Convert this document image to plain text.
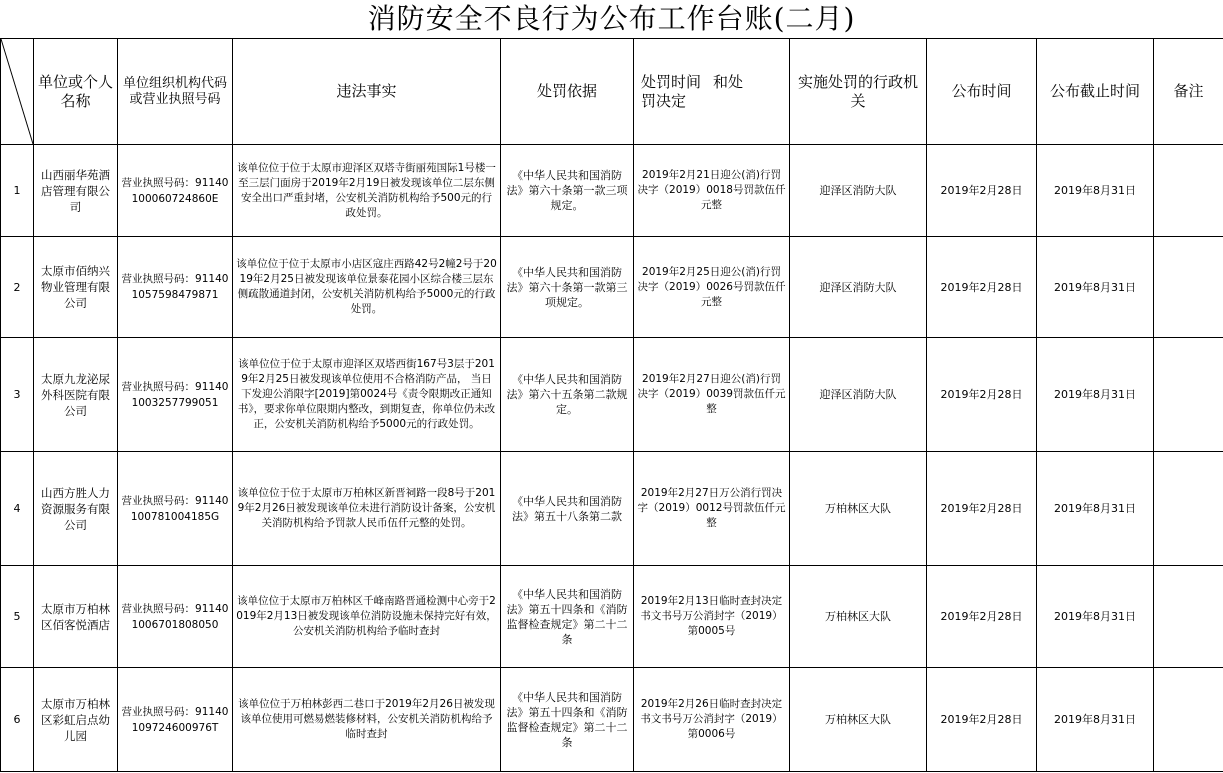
消防安全不良行为公布工作台账(二月)
	单位或个人名称	单位组织机构代码或营业执照号码	违法事实	处罚依据	处罚时间 和处
罚决定	实施处罚的行政机关	公布时间	公布截止时间	备注
1	山西丽华苑酒店管理有限公司	营业执照号码：91140100060724860E	该单位位于位于太原市迎泽区双塔寺街丽苑国际1号楼一至三层门面房于2019年2月19日被发现该单位二层东侧安全出口严重封堵，公安机关消防机构给予500元的行政处罚。	《中华人民共和国消防法》第六十条第一款三项规定。	2019年2月21日迎公(消)行罚决字（2019）0018号罚款伍仟元整	迎泽区消防大队	2019年2月28日	2019年8月31日	
2	太原市佰纳兴物业管理有限公司	营业执照号码：911401057598479871	该单位位于位于太原市小店区寇庄西路42号2幢2号于2019年2月25日被发现该单位景泰花园小区综合楼三层东侧疏散通道封闭，公安机关消防机构给予5000元的行政处罚。	《中华人民共和国消防法》第六十条第一款第三项规定。	2019年2月25日迎公(消)行罚决字（2019）0026号罚款伍仟元整	迎泽区消防大队	2019年2月28日	2019年8月31日	
3	太原九龙泌尿外科医院有限公司	营业执照号码：911401003257799051	该单位位于位于太原市迎泽区双塔西街167号3层于2019年2月25日被发现该单位使用不合格消防产品， 当日下发迎公消限字[2019]第0024号《责令限期改正通知书》，要求你单位限期内整改，到期复查，你单位仍未改正，公安机关消防机构给予5000元的行政处罚。	《中华人民共和国消防法》第六十五条第二款规定。	2019年2月27日迎公(消)行罚决字（2019）0039罚款伍仟元整	迎泽区消防大队	2019年2月28日	2019年8月31日	
4	山西方胜人力资源服务有限公司	营业执照号码：91140100781004185G	该单位位于位于太原市万柏林区新晋祠路一段8号于2019年2月26日被发现该单位未进行消防设计备案，公安机关消防机构给予罚款人民币伍仟元整的处罚。	《中华人民共和国消防法》第五十八条第二款	2019年2月27日万公消行罚决字（2019）0012号罚款伍仟元整	万柏林区大队	2019年2月28日	2019年8月31日	
5	太原市万柏林区佰客悦酒店	营业执照号码：911401006701808050	该单位位于太原市万柏林区千峰南路晋通检测中心旁于2019年2月13日被发现该单位消防设施未保持完好有效，公安机关消防机构给予临时查封	《中华人民共和国消防法》第五十四条和《消防监督检查规定》第二十二条	2019年2月13日临时查封决定书文书号万公消封字（2019）第0005号	万柏林区大队	2019年2月28日	2019年8月31日	
6	太原市万柏林区彩虹启点幼儿园	营业执照号码：91140109724600976T	该单位位于万柏林彭西二巷口于2019年2月26日被发现该单位使用可燃易燃装修材料，公安机关消防机构给予临时查封	《中华人民共和国消防法》第五十四条和《消防监督检查规定》第二十二条	2019年2月26日临时查封决定书文书号万公消封字（2019）第0006号	万柏林区大队	2019年2月28日	2019年8月31日	
